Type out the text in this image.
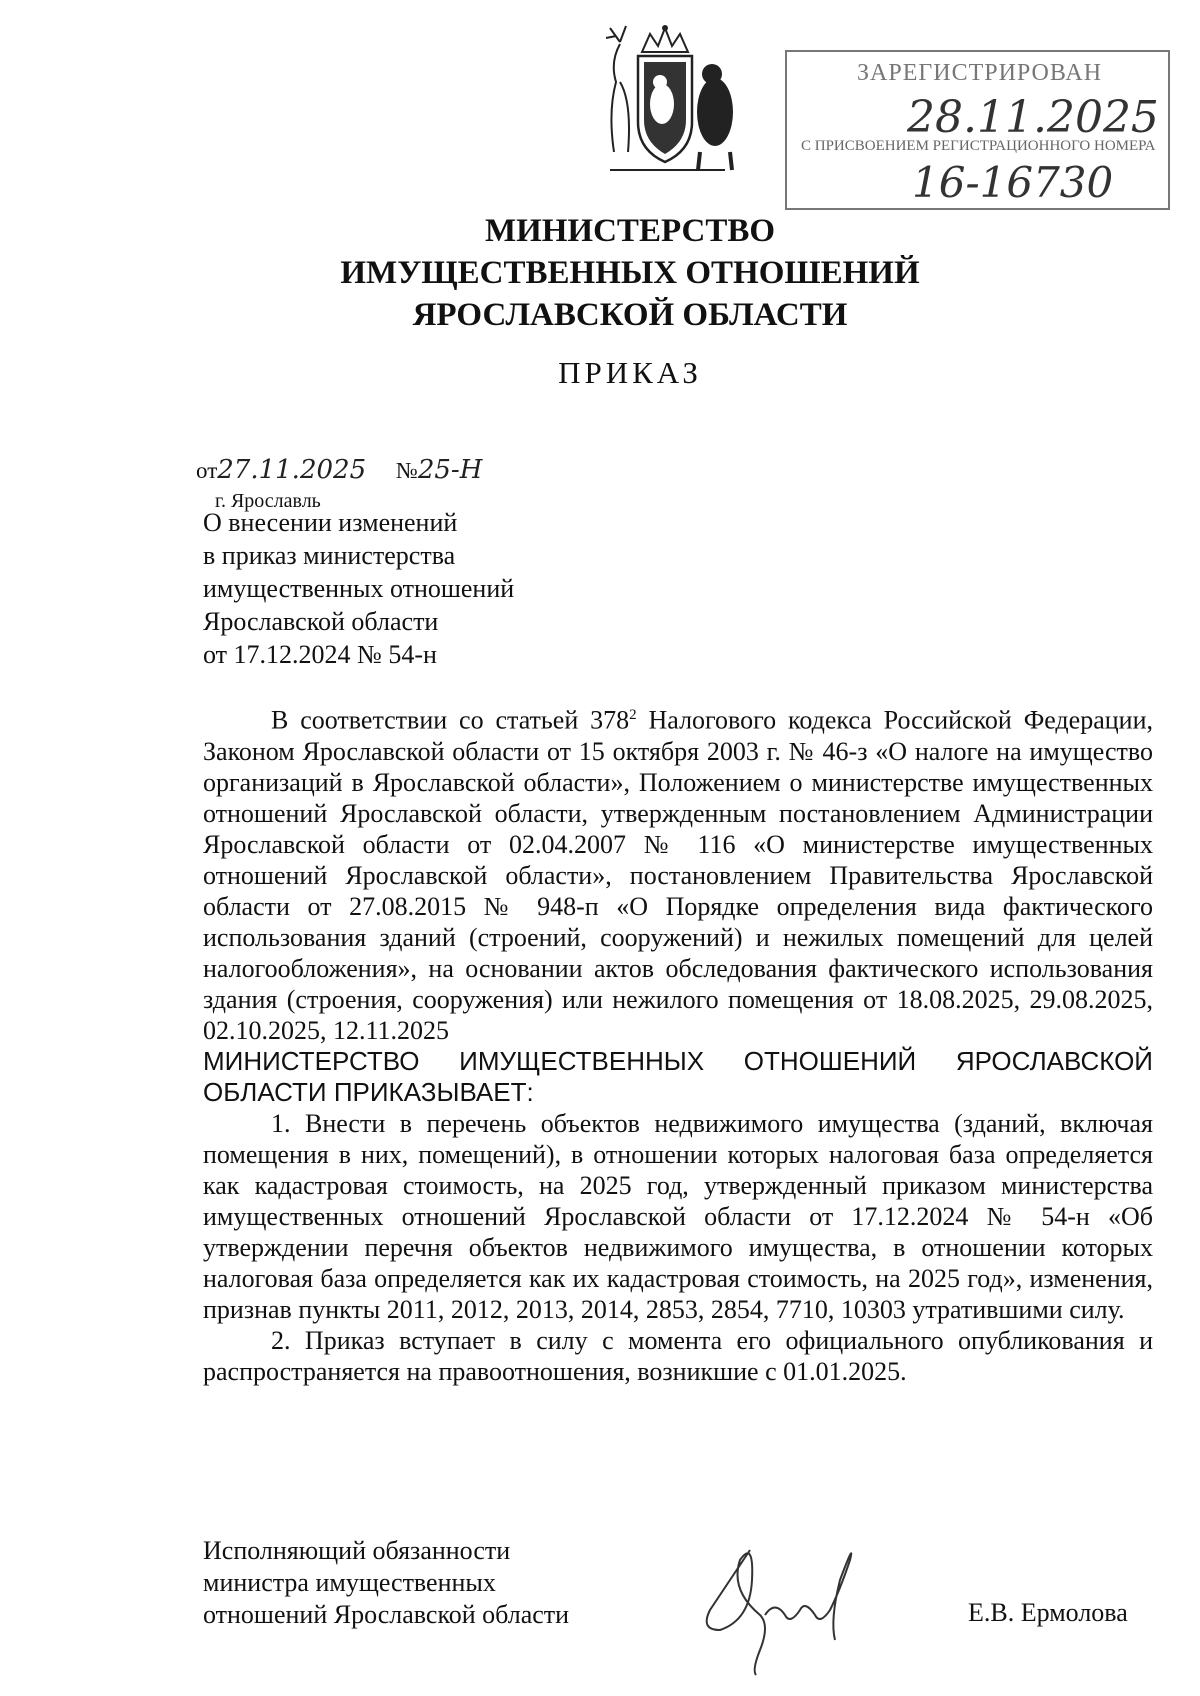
ЗАРЕГИСТРИРОВАН
28.11.2025
С ПРИСВОЕНИЕМ РЕГИСТРАЦИОННОГО НОМЕРА
16-16730
МИНИСТЕРСТВО
ИМУЩЕСТВЕННЫХ ОТНОШЕНИЙ
ЯРОСЛАВСКОЙ ОБЛАСТИ
ПРИКАЗ
от27.11.2025 №25-Н
г. Ярославль
О внесении изменений
в приказ министерства
имущественных отношений
Ярославской области
от 17.12.2024 № 54-н

В соответствии со статьей $378^2$ Налогового кодекса Российской Федерации, Законом Ярославской области от 15 октября 2003 г. № 46-з «О налоге на имущество организаций в Ярославской области», Положением о министерстве имущественных отношений Ярославской области, утвержденным постановлением Администрации Ярославской области от 02.04.2007 № 116 «О министерстве имущественных отношений Ярославской области», постановлением Правительства Ярославской области от 27.08.2015 № 948-п «О Порядке определения вида фактического использования зданий (строений, сооружений) и нежилых помещений для целей налогообложения», на основании актов обследования фактического использования здания (строения, сооружения) или нежилого помещения от 18.08.2025, 29.08.2025, 02.10.2025, 12.11.2025

МИНИСТЕРСТВО ИМУЩЕСТВЕННЫХ ОТНОШЕНИЙ ЯРОСЛАВСКОЙ ОБЛАСТИ ПРИКАЗЫВАЕТ:

1. Внести в перечень объектов недвижимого имущества (зданий, включая помещения в них, помещений), в отношении которых налоговая база определяется как кадастровая стоимость, на 2025 год, утвержденный приказом министерства имущественных отношений Ярославской области от 17.12.2024 № 54-н «Об утверждении перечня объектов недвижимого имущества, в отношении которых налоговая база определяется как их кадастровая стоимость, на 2025 год», изменения, признав пункты 2011, 2012, 2013, 2014, 2853, 2854, 7710, 10303 утратившими силу.

2. Приказ вступает в силу с момента его официального опубликования и распространяется на правоотношения, возникшие с 01.01.2025.

Исполняющий обязанности
министра имущественных
отношений Ярославской области	Е.В. Ермолова
